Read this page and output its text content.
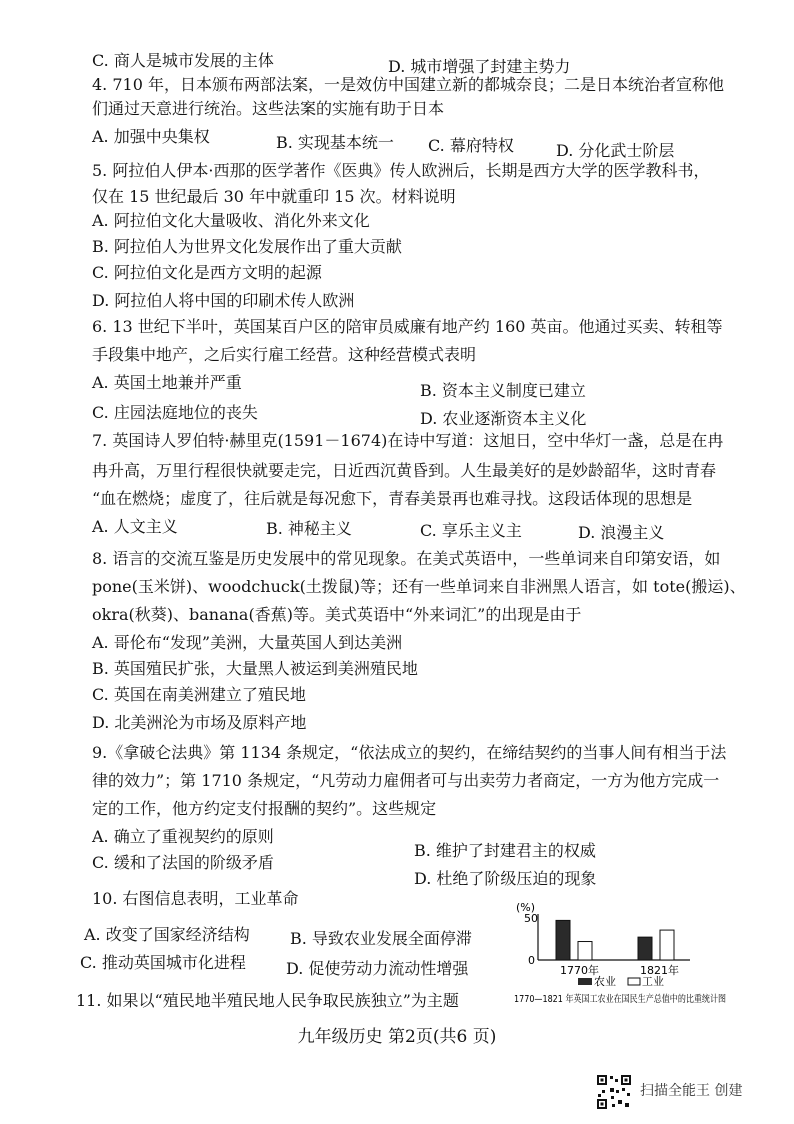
C. 商人是城市发展的主体	D. 城市增强了封建主势力
4. 710 年，日本颁布两部法案，一是效仿中国建立新的都城奈良；二是日本统治者宣称他
们通过天意进行统治。这些法案的实施有助于日本
A. 加强中央集权	B. 实现基本统一 C. 幕府特权	D. 分化武士阶层
5. 阿拉伯人伊本·西那的医学著作《医典》传人欧洲后，长期是西方大学的医学教科书，
仅在 15 世纪最后 30 年中就重印 15 次。材料说明
A. 阿拉伯文化大量吸收、消化外来文化
B. 阿拉伯人为世界文化发展作出了重大贡献
C. 阿拉伯文化是西方文明的起源
D. 阿拉伯人将中国的印刷术传人欧洲
6. 13 世纪下半叶，英国某百户区的陪审员威廉有地产约 160 英亩。他通过买卖、转租等
手段集中地产，之后实行雇工经营。这种经营模式表明
A. 英国土地兼并严重	B. 资本主义制度已建立
C. 庄园法庭地位的丧失	D. 农业逐渐资本主义化
7. 英国诗人罗伯特·赫里克(1591－1674)在诗中写道：这旭日，空中华灯一盏，总是在冉
冉升高，万里行程很快就要走完，日近西沉黄昏到。人生最美好的是妙龄韶华，这时青春
“血在燃烧；虚度了，往后就是每况愈下，青春美景再也难寻找。这段话体现的思想是
A. 人文主义	B. 神秘主义	C. 享乐主义主	D. 浪漫主义
8. 语言的交流互鉴是历史发展中的常见现象。在美式英语中，一些单词来自印第安语，如
pone(玉米饼)、woodchuck(土拨鼠)等；还有一些单词来自非洲黑人语言，如 tote(搬运)、
okra(秋葵)、banana(香蕉)等。美式英语中“外来词汇”的出现是由于
A. 哥伦布“发现”美洲，大量英国人到达美洲
B. 英国殖民扩张，大量黑人被运到美洲殖民地
C. 英国在南美洲建立了殖民地
D. 北美洲沦为市场及原料产地
9.《拿破仑法典》第 1134 条规定，“依法成立的契约，在缔结契约的当事人间有相当于法
律的效力”；第 1710 条规定，“凡劳动力雇佣者可与出卖劳力者商定，一方为他方完成一
定的工作，他方约定支付报酬的契约”。这些规定
A. 确立了重视契约的原则
B. 维护了封建君主的权威
C. 缓和了法国的阶级矛盾
D. 杜绝了阶级压迫的现象
10. 右图信息表明，工业革命
A. 改变了国家经济结构	B. 导致农业发展全面停滞
C. 推动英国城市化进程	D. 促使劳动力流动性增强
11. 如果以“殖民地半殖民地人民争取民族独立”为主题
(%)
50
0
1770年	1821年
农业 工业
1770—1821 年英国工农业在国民生产总值中的比重统计图
九年级历史 第2页(共6 页)
扫描全能王 创建
